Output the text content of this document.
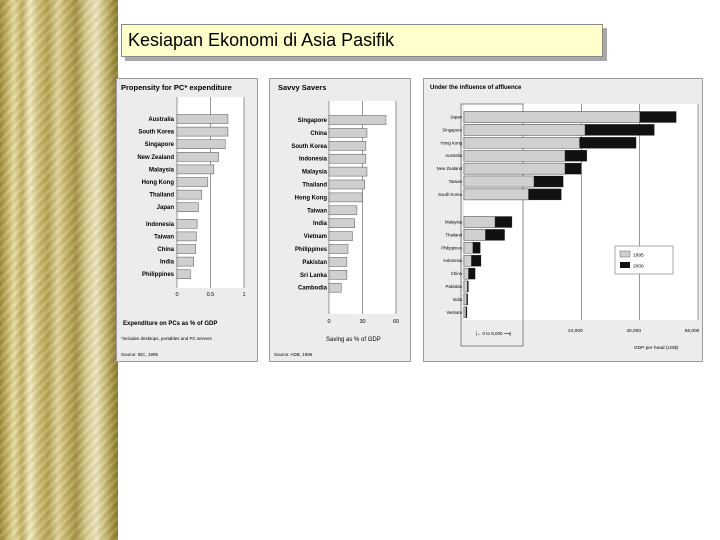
Kesiapan Ekonomi di Asia Pasifik
Propensity for PC* expenditure
Expenditure on PCs as % of GDP
*includes desktops, portables and PC servers
Source: IDC, 1995
0	0.5	1
Australia
South Korea
Singapore
New Zealand
Malaysia
Hong Kong
Thailand
Japan
Indonesia
Taiwan
China
India
Philippines
Savvy Savers
Saving as % of GDP
Source: ADB, 1996
0	30	60
Singapore
China
South Korea
Indonesia
Malaysia
Thailand
Hong Kong
Taiwan
India
Vietnam
Philippines
Pakistan
Sri Lanka
Cambodia
Under the influence of affluence
GDP per head (US$)
|← 0 to 8,000 ⟶|	24,000	40,000	56,000
Japan
Singapore
Hong Kong
Australia
New Zealand
Taiwan
South Korea
Malaysia
Thailand
Philippines
Indonesia
China
Pakistan
India
Vietnam
1995
2000
